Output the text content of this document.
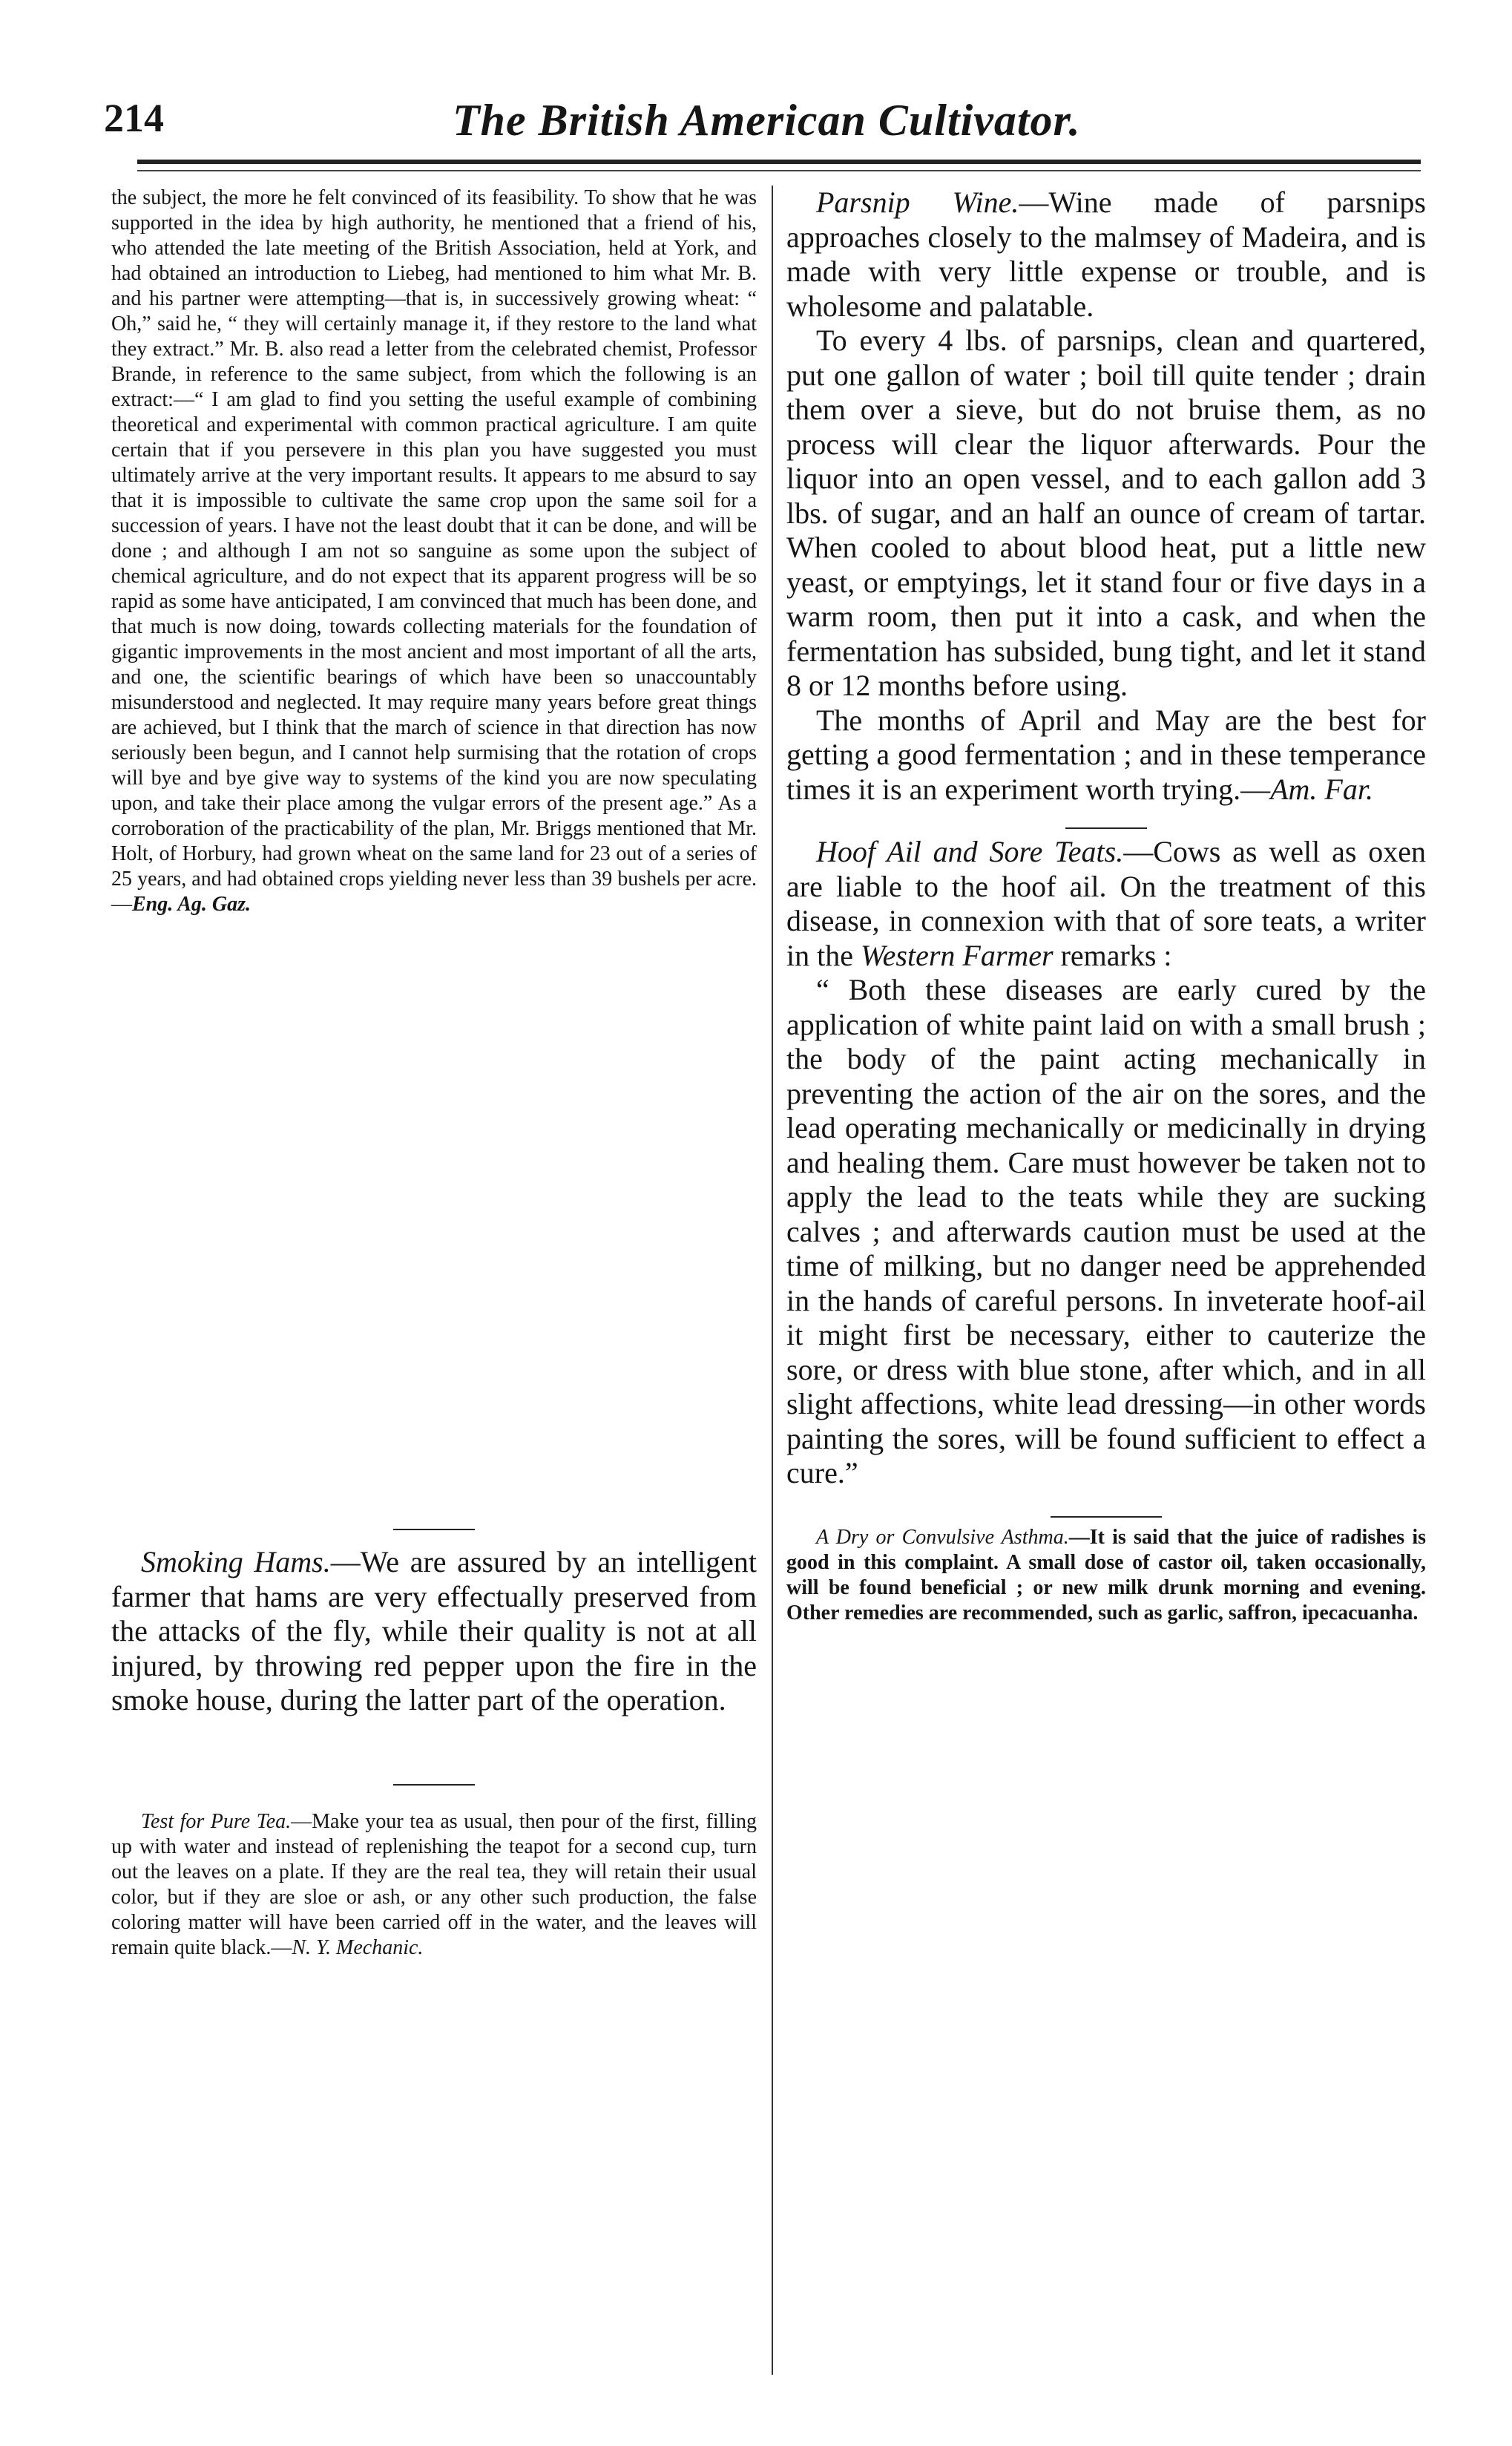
214	The British American Cultivator.

the subject, the more he felt convinced of its feasibility. To show that he was supported in the idea by high authority, he mentioned that a friend of his, who attended the late meeting of the British Association, held at York, and had obtained an introduction to Liebeg, had mentioned to him what Mr. B. and his partner were attempting—that is, in successively growing wheat: “ Oh,” said he, “ they will certainly manage it, if they restore to the land what they extract.” Mr. B. also read a letter from the celebrated chemist, Professor Brande, in reference to the same subject, from which the following is an extract:—“ I am glad to find you setting the useful example of combining theoretical and experimental with common practical agriculture. I am quite certain that if you persevere in this plan you have suggested you must ultimately arrive at the very important results. It appears to me absurd to say that it is impossible to cultivate the same crop upon the same soil for a succession of years. I have not the least doubt that it can be done, and will be done ; and although I am not so sanguine as some upon the subject of chemical agriculture, and do not expect that its apparent progress will be so rapid as some have anticipated, I am convinced that much has been done, and that much is now doing, towards collecting materials for the foundation of gigantic improvements in the most ancient and most important of all the arts, and one, the scientific bearings of which have been so unaccountably misunderstood and neglected. It may require many years before great things are achieved, but I think that the march of science in that direction has now seriously been begun, and I cannot help surmising that the rotation of crops will bye and bye give way to systems of the kind you are now speculating upon, and take their place among the vulgar errors of the present age.” As a corroboration of the practicability of the plan, Mr. Briggs mentioned that Mr. Holt, of Horbury, had grown wheat on the same land for 23 out of a series of 25 years, and had obtained crops yielding never less than 39 bushels per acre.—Eng. Ag. Gaz.

Smoking Hams.—We are assured by an intelligent farmer that hams are very effectually preserved from the attacks of the fly, while their quality is not at all injured, by throwing red pepper upon the fire in the smoke house, during the latter part of the operation.

Test for Pure Tea.—Make your tea as usual, then pour of the first, filling up with water and instead of replenishing the teapot for a second cup, turn out the leaves on a plate. If they are the real tea, they will retain their usual color, but if they are sloe or ash, or any other such production, the false coloring matter will have been carried off in the water, and the leaves will remain quite black.—N. Y. Mechanic.

Parsnip Wine.—Wine made of parsnips approaches closely to the malmsey of Madeira, and is made with very little expense or trouble, and is wholesome and palatable.

To every 4 lbs. of parsnips, clean and quartered, put one gallon of water ; boil till quite tender ; drain them over a sieve, but do not bruise them, as no process will clear the liquor afterwards. Pour the liquor into an open vessel, and to each gallon add 3 lbs. of sugar, and an half an ounce of cream of tartar. When cooled to about blood heat, put a little new yeast, or emptyings, let it stand four or five days in a warm room, then put it into a cask, and when the fermentation has subsided, bung tight, and let it stand 8 or 12 months before using.

The months of April and May are the best for getting a good fermentation ; and in these temperance times it is an experiment worth trying.—Am. Far.

Hoof Ail and Sore Teats.—Cows as well as oxen are liable to the hoof ail. On the treatment of this disease, in connexion with that of sore teats, a writer in the Western Farmer remarks :

“ Both these diseases are early cured by the application of white paint laid on with a small brush ; the body of the paint acting mechanically in preventing the action of the air on the sores, and the lead operating mechanically or medicinally in drying and healing them. Care must however be taken not to apply the lead to the teats while they are sucking calves ; and afterwards caution must be used at the time of milking, but no danger need be apprehended in the hands of careful persons. In inveterate hoof-ail it might first be necessary, either to cauterize the sore, or dress with blue stone, after which, and in all slight affections, white lead dressing—in other words painting the sores, will be found sufficient to effect a cure.”

A Dry or Convulsive Asthma.—It is said that the juice of radishes is good in this complaint. A small dose of castor oil, taken occasionally, will be found beneficial ; or new milk drunk morning and evening. Other remedies are recommended, such as garlic, saffron, ipecacuanha.
